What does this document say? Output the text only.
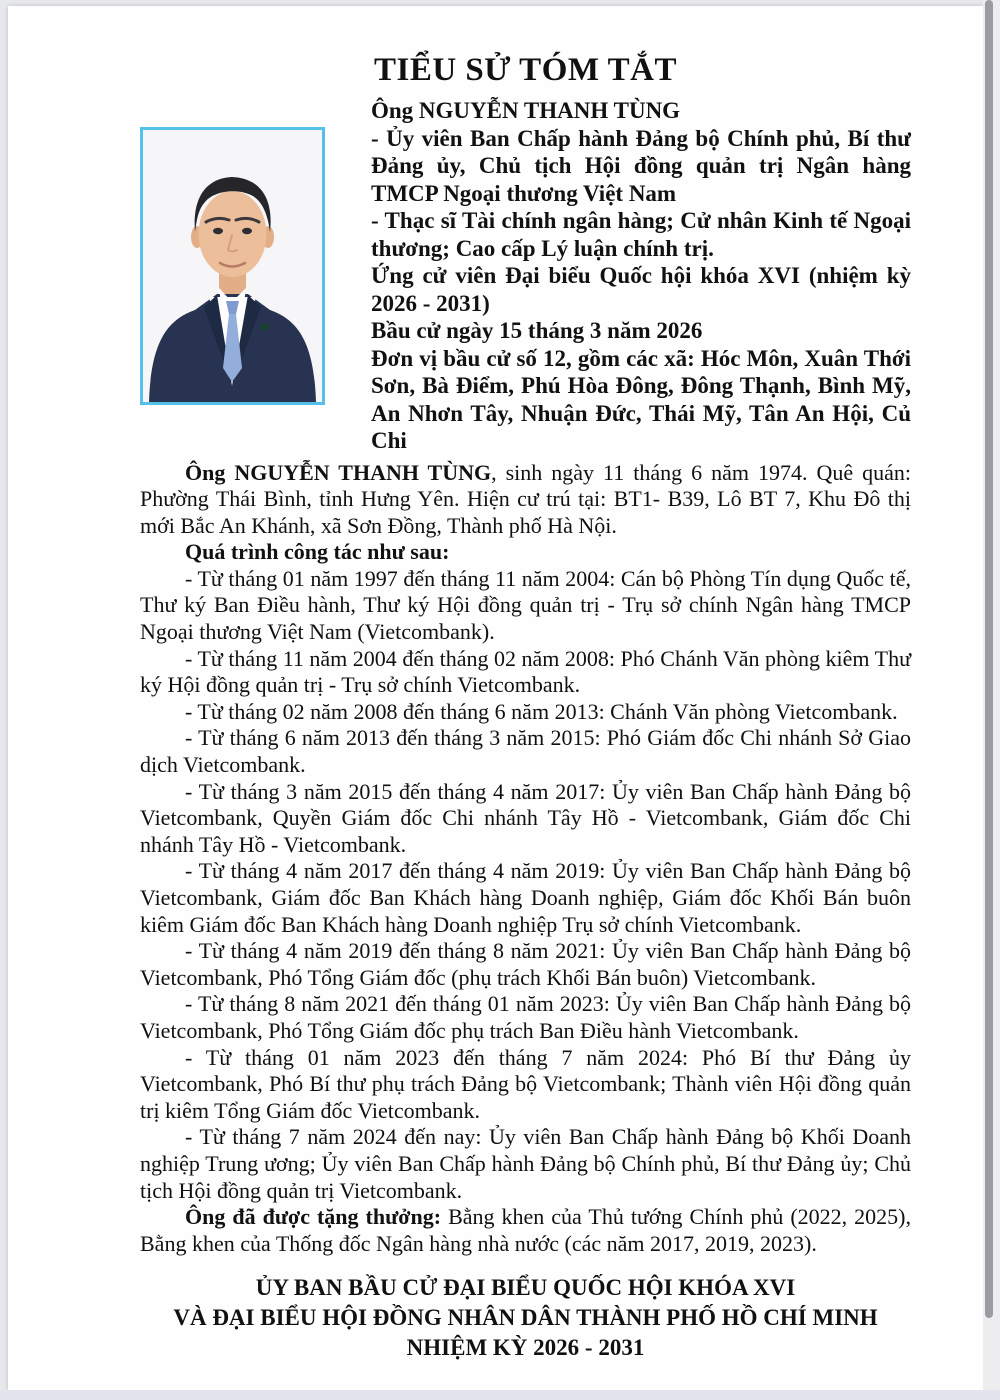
TIỂU SỬ TÓM TẮT

Ông NGUYỄN THANH TÙNG

- Ủy viên Ban Chấp hành Đảng bộ Chính phủ, Bí thư Đảng ủy, Chủ tịch Hội đồng quản trị Ngân hàng TMCP Ngoại thương Việt Nam

- Thạc sĩ Tài chính ngân hàng; Cử nhân Kinh tế Ngoại thương; Cao cấp Lý luận chính trị.

Ứng cử viên Đại biểu Quốc hội khóa XVI (nhiệm kỳ 2026 - 2031)

Bầu cử ngày 15 tháng 3 năm 2026

Đơn vị bầu cử số 12, gồm các xã: Hóc Môn, Xuân Thới Sơn, Bà Điểm, Phú Hòa Đông, Đông Thạnh, Bình Mỹ, An Nhơn Tây, Nhuận Đức, Thái Mỹ, Tân An Hội, Củ Chi

Ông NGUYỄN THANH TÙNG, sinh ngày 11 tháng 6 năm 1974. Quê quán: Phường Thái Bình, tỉnh Hưng Yên. Hiện cư trú tại: BT1- B39, Lô BT 7, Khu Đô thị mới Bắc An Khánh, xã Sơn Đồng, Thành phố Hà Nội.

Quá trình công tác như sau:

- Từ tháng 01 năm 1997 đến tháng 11 năm 2004: Cán bộ Phòng Tín dụng Quốc tế, Thư ký Ban Điều hành, Thư ký Hội đồng quản trị - Trụ sở chính Ngân hàng TMCP Ngoại thương Việt Nam (Vietcombank).

- Từ tháng 11 năm 2004 đến tháng 02 năm 2008: Phó Chánh Văn phòng kiêm Thư ký Hội đồng quản trị - Trụ sở chính Vietcombank.

- Từ tháng 02 năm 2008 đến tháng 6 năm 2013: Chánh Văn phòng Vietcombank.

- Từ tháng 6 năm 2013 đến tháng 3 năm 2015: Phó Giám đốc Chi nhánh Sở Giao dịch Vietcombank.

- Từ tháng 3 năm 2015 đến tháng 4 năm 2017: Ủy viên Ban Chấp hành Đảng bộ Vietcombank, Quyền Giám đốc Chi nhánh Tây Hồ - Vietcombank, Giám đốc Chi nhánh Tây Hồ - Vietcombank.

- Từ tháng 4 năm 2017 đến tháng 4 năm 2019: Ủy viên Ban Chấp hành Đảng bộ Vietcombank, Giám đốc Ban Khách hàng Doanh nghiệp, Giám đốc Khối Bán buôn kiêm Giám đốc Ban Khách hàng Doanh nghiệp Trụ sở chính Vietcombank.

- Từ tháng 4 năm 2019 đến tháng 8 năm 2021: Ủy viên Ban Chấp hành Đảng bộ Vietcombank, Phó Tổng Giám đốc (phụ trách Khối Bán buôn) Vietcombank.

- Từ tháng 8 năm 2021 đến tháng 01 năm 2023: Ủy viên Ban Chấp hành Đảng bộ Vietcombank, Phó Tổng Giám đốc phụ trách Ban Điều hành Vietcombank.

- Từ tháng 01 năm 2023 đến tháng 7 năm 2024: Phó Bí thư Đảng ủy Vietcombank, Phó Bí thư phụ trách Đảng bộ Vietcombank; Thành viên Hội đồng quản trị kiêm Tổng Giám đốc Vietcombank.

- Từ tháng 7 năm 2024 đến nay: Ủy viên Ban Chấp hành Đảng bộ Khối Doanh nghiệp Trung ương; Ủy viên Ban Chấp hành Đảng bộ Chính phủ, Bí thư Đảng ủy; Chủ tịch Hội đồng quản trị Vietcombank.

Ông đã được tặng thưởng: Bằng khen của Thủ tướng Chính phủ (2022, 2025), Bằng khen của Thống đốc Ngân hàng nhà nước (các năm 2017, 2019, 2023).

ỦY BAN BẦU CỬ ĐẠI BIỂU QUỐC HỘI KHÓA XVI

VÀ ĐẠI BIỂU HỘI ĐỒNG NHÂN DÂN THÀNH PHỐ HỒ CHÍ MINH

NHIỆM KỲ 2026 - 2031
